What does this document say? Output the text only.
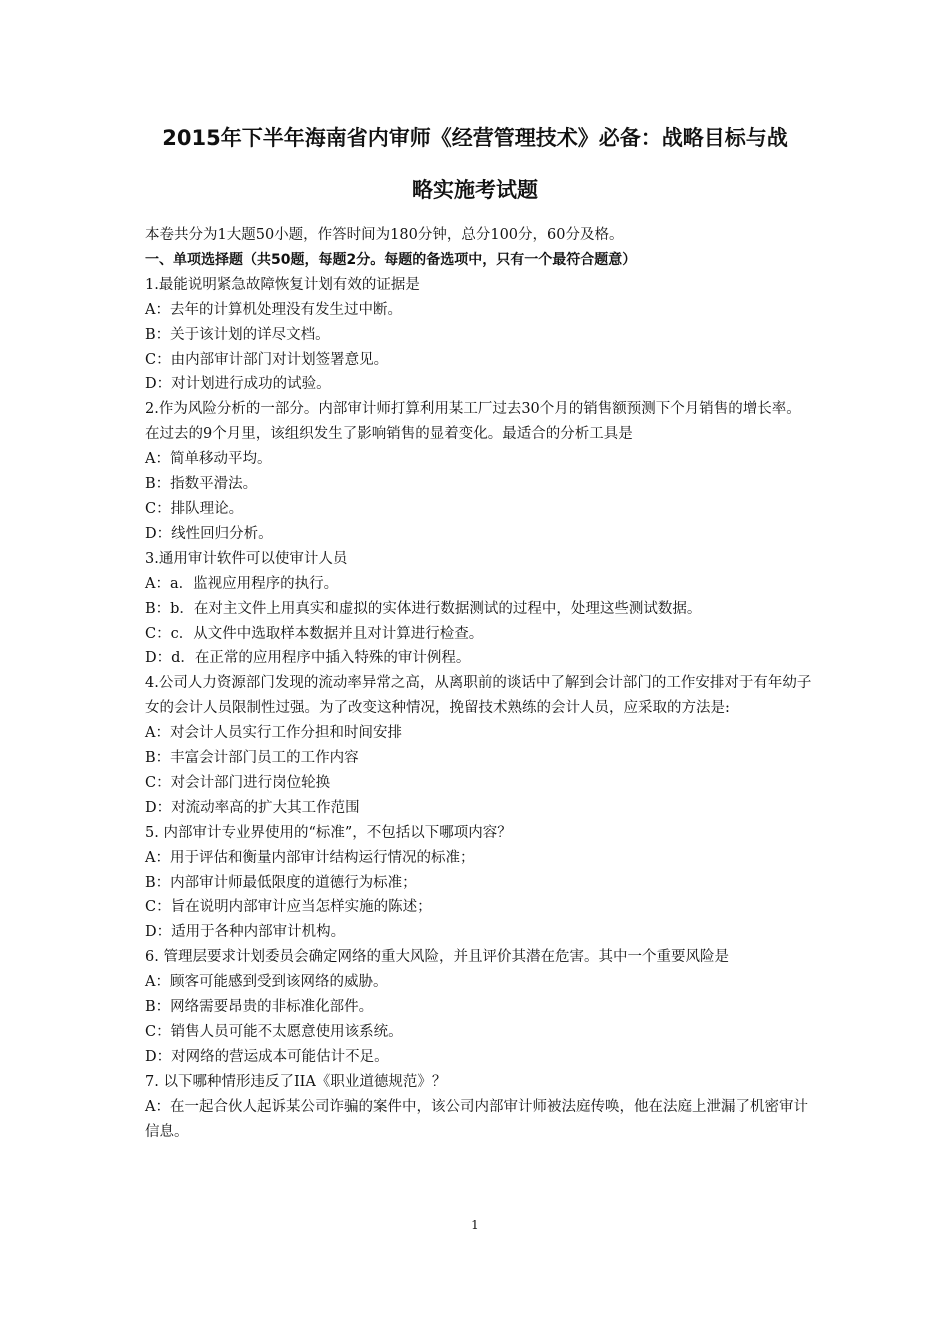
2015年下半年海南省内审师《经营管理技术》必备：战略目标与战
略实施考试题

本卷共分为1大题50小题，作答时间为180分钟，总分100分，60分及格。

一、单项选择题（共50题，每题2分。每题的备选项中，只有一个最符合题意）

1.最能说明紧急故障恢复计划有效的证据是

A：去年的计算机处理没有发生过中断。

B：关于该计划的详尽文档。

C：由内部审计部门对计划签署意见。

D：对计划进行成功的试验。

2.作为风险分析的一部分。内部审计师打算利用某工厂过去30个月的销售额预测下个月销售的增长率。在过去的9个月里，该组织发生了影响销售的显着变化。最适合的分析工具是

A：简单移动平均。

B：指数平滑法。

C：排队理论。

D：线性回归分析。

3.通用审计软件可以使审计人员

A：a．监视应用程序的执行。

B：b．在对主文件上用真实和虚拟的实体进行数据测试的过程中，处理这些测试数据。

C：c．从文件中选取样本数据并且对计算进行检查。

D：d．在正常的应用程序中插入特殊的审计例程。

4.公司人力资源部门发现的流动率异常之高，从离职前的谈话中了解到会计部门的工作安排对于有年幼子女的会计人员限制性过强。为了改变这种情况，挽留技术熟练的会计人员，应采取的方法是:

A：对会计人员实行工作分担和时间安排

B：丰富会计部门员工的工作内容

C：对会计部门进行岗位轮换

D：对流动率高的扩大其工作范围

5. 内部审计专业界使用的“标准”，不包括以下哪项内容？

A：用于评估和衡量内部审计结构运行情况的标准；

B：内部审计师最低限度的道德行为标准；

C：旨在说明内部审计应当怎样实施的陈述；

D：适用于各种内部审计机构。

6. 管理层要求计划委员会确定网络的重大风险，并且评价其潜在危害。其中一个重要风险是

A：顾客可能感到受到该网络的威胁。

B：网络需要昂贵的非标准化部件。

C：销售人员可能不太愿意使用该系统。

D：对网络的营运成本可能估计不足。

7. 以下哪种情形违反了IIA《职业道德规范》？

A：在一起合伙人起诉某公司诈骗的案件中，该公司内部审计师被法庭传唤，他在法庭上泄漏了机密审计信息。

1
